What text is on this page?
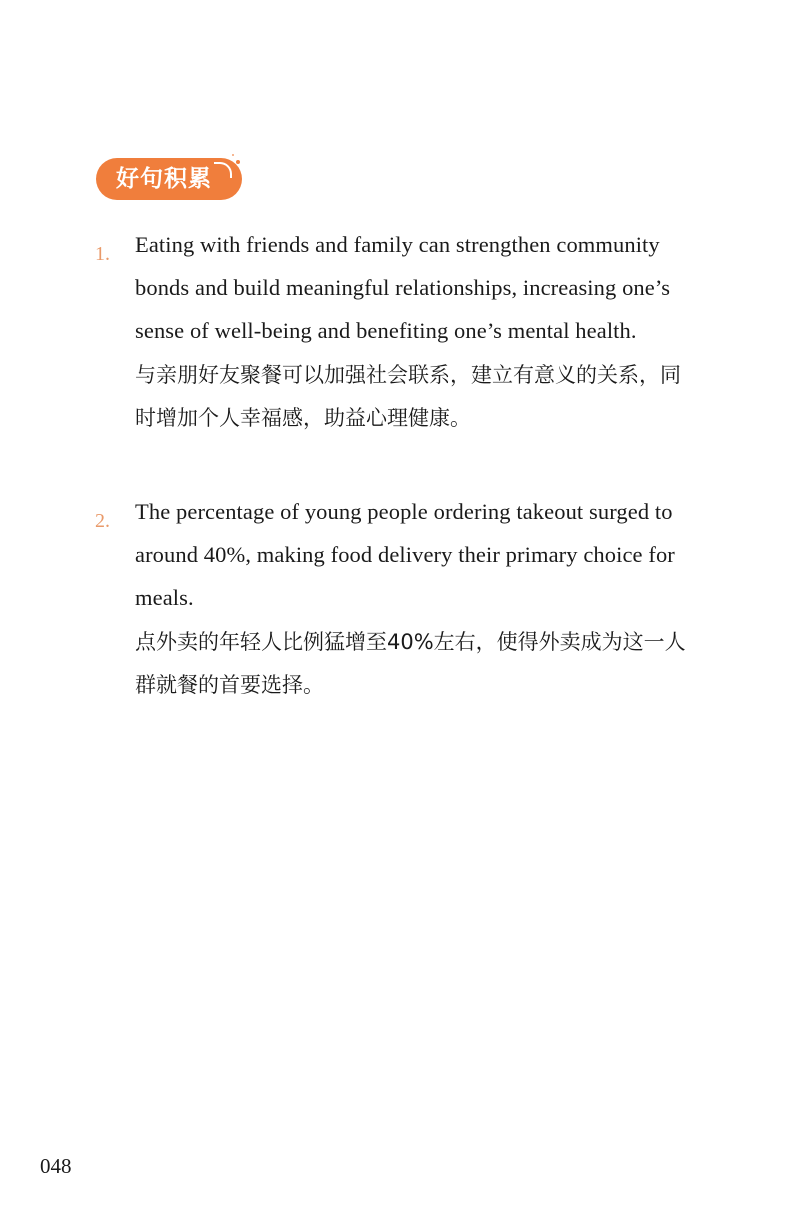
好句积累
1. Eating with friends and family can strengthen community bonds and build meaningful relationships, increasing one’s sense of well-being and benefiting one’s mental health.
与亲朋好友聚餐可以加强社会联系，建立有意义的关系，同时增加个人幸福感，助益心理健康。
2. The percentage of young people ordering takeout surged to around 40%, making food delivery their primary choice for meals.
点外卖的年轻人比例猛增至40%左右，使得外卖成为这一人群就餐的首要选择。
048
